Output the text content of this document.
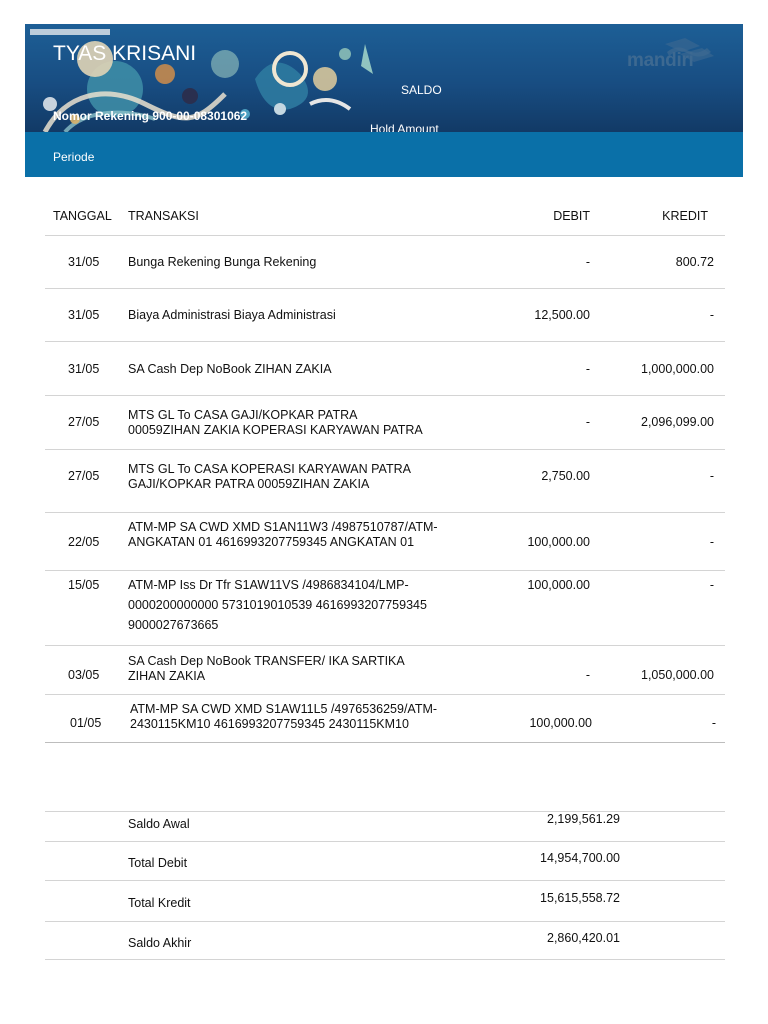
TYAS KRISANI
Nomor Rekening 900-00-08301062
SALDO
Hold Amount
mandiri
Periode
TANGGAL TRANSAKSI	DEBIT	KREDIT
31/05 Bunga Rekening Bunga Rekening	-	800.72
31/05 Biaya Administrasi Biaya Administrasi	12,500.00	-
31/05 SA Cash Dep NoBook ZIHAN ZAKIA	-	1,000,000.00
27/05 MTS GL To CASA GAJI/KOPKAR PATRA
00059ZIHAN ZAKIA KOPERASI KARYAWAN PATRA
-	2,096,099.00
27/05 MTS GL To CASA KOPERASI KARYAWAN PATRA
GAJI/KOPKAR PATRA 00059ZIHAN ZAKIA
2,750.00	-
22/05
ATM-MP SA CWD XMD S1AN11W3 /4987510787/ATM-
ANGKATAN 01 4616993207759345 ANGKATAN 01	100,000.00	-
15/05 ATM-MP Iss Dr Tfr S1AW11VS /4986834104/LMP-
0000200000000 5731019010539 4616993207759345
9000027673665
100,000.00	-
03/05
SA Cash Dep NoBook TRANSFER/ IKA SARTIKA
ZIHAN ZAKIA	-	1,050,000.00
01/05
ATM-MP SA CWD XMD S1AW11L5 /4976536259/ATM-
2430115KM10 4616993207759345 2430115KM10	100,000.00	-
Saldo Awal	2,199,561.29
Total Debit	14,954,700.00
Total Kredit	15,615,558.72
Saldo Akhir	2,860,420.01
